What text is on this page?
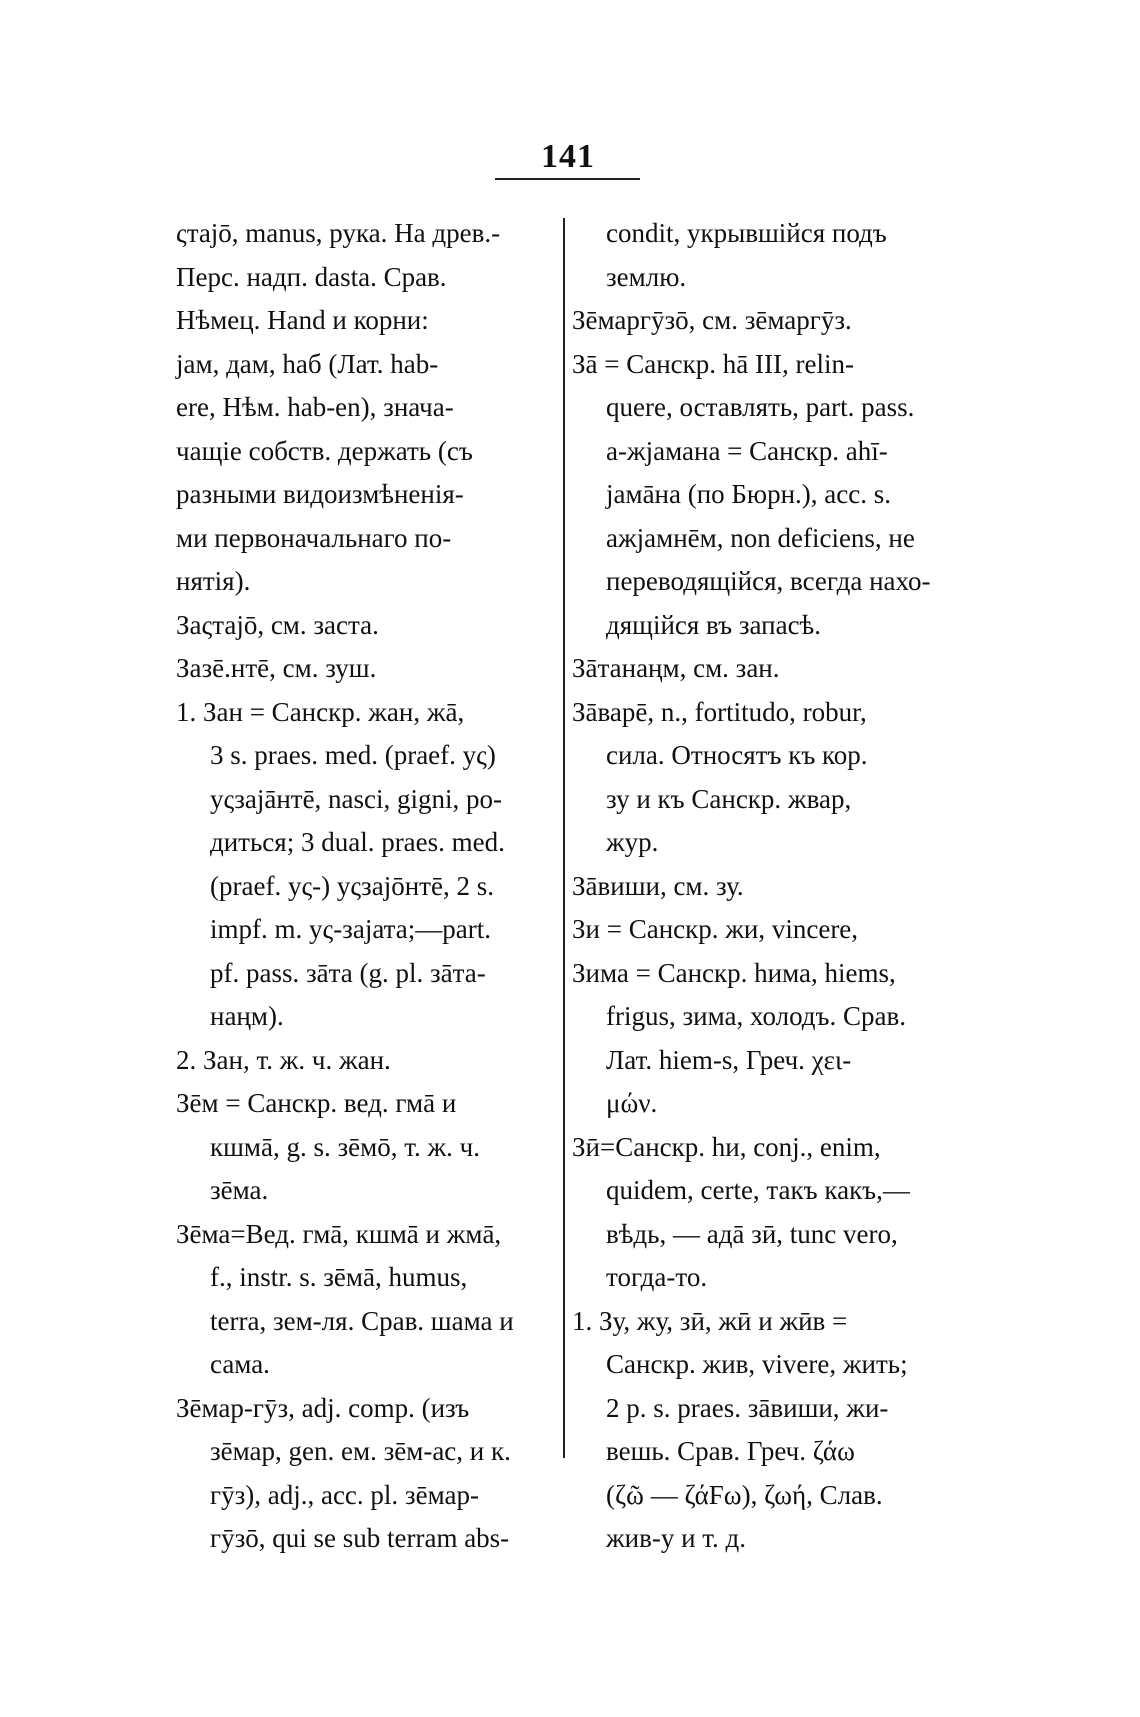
141
ςтајō, manus, рука. На древ.-
Перс. надп. dasta. Срав.
Нѣмец. Hand и корни:
јам, дам, hаб (Лат. hab-
ere, Нѣм. hab-en), значa-
чащіе собств. держать (съ
разными видоизмѣненія-
ми первоначальнаго по-
нятія).
Заςтајō, см. заста.
Зазē.нтē, см. зуш.
1. Зан = Санскр. жан, жā,
3 s. praes. med. (praef. уς)
уςзајāнтē, nasci, gigni, ро-
диться; 3 dual. praes. med.
(praef. уς-) уςзајōнтē, 2 s.
impf. m. уς-зајата;—part.
pf. pass. зāта (g. pl. зāта-
наңм).
2. Зан, т. ж. ч. жан.
Зēм = Санскр. вед. гмā и
кшмā, g. s. зēмō, т. ж. ч.
зēма.
Зēма=Вед. гмā, кшмā и жмā,
f., instr. s. зēмā, humus,
terra, зем-ля. Срав. шама и
сама.
Зēмар-гӯз, adj. comp. (изъ
зēмар, gen. ем. зēм-ас, и к.
гӯз), adj., acc. pl. зēмар-
гӯзō, qui se sub terram abs-
condit, укрывшійся подъ
землю.
Зēмаргӯзō, см. зēмаргӯз.
Зā = Санскр. hā III, relin-
quere, оставлять, part. pass.
а-жјамана = Санскр. ahī-
јамāна (по Бюрн.), acc. s.
ажјамнēм, non deficiens, не
переводящійся, всегда нахо-
дящійся въ запасѣ.
Зāтанаңм, см. зан.
Зāварē, n., fortitudo, robur,
сила. Относятъ къ кор.
зу и къ Санскр. жвар,
жур.
Зāвиши, см. зу.
Зи = Санскр. жи, vincere,
Зима = Санскр. hима, hiems,
frigus, зима, холодъ. Срав.
Лат. hiem-s, Греч. χει-
μών.
Зӣ=Санскр. hи, conj., enim,
quidem, certe, такъ какъ,—
вѣдь, — адā зӣ, tunc vero,
тогда-то.
1. Зу, жу, зӣ, жӣ и жӣв =
Санскр. жив, vivere, жить;
2 p. s. praes. зāвиши, жи-
вешь. Срав. Греч. ζάω
(ζῶ — ζάϜω), ζωή, Слав.
жив-у и т. д.
